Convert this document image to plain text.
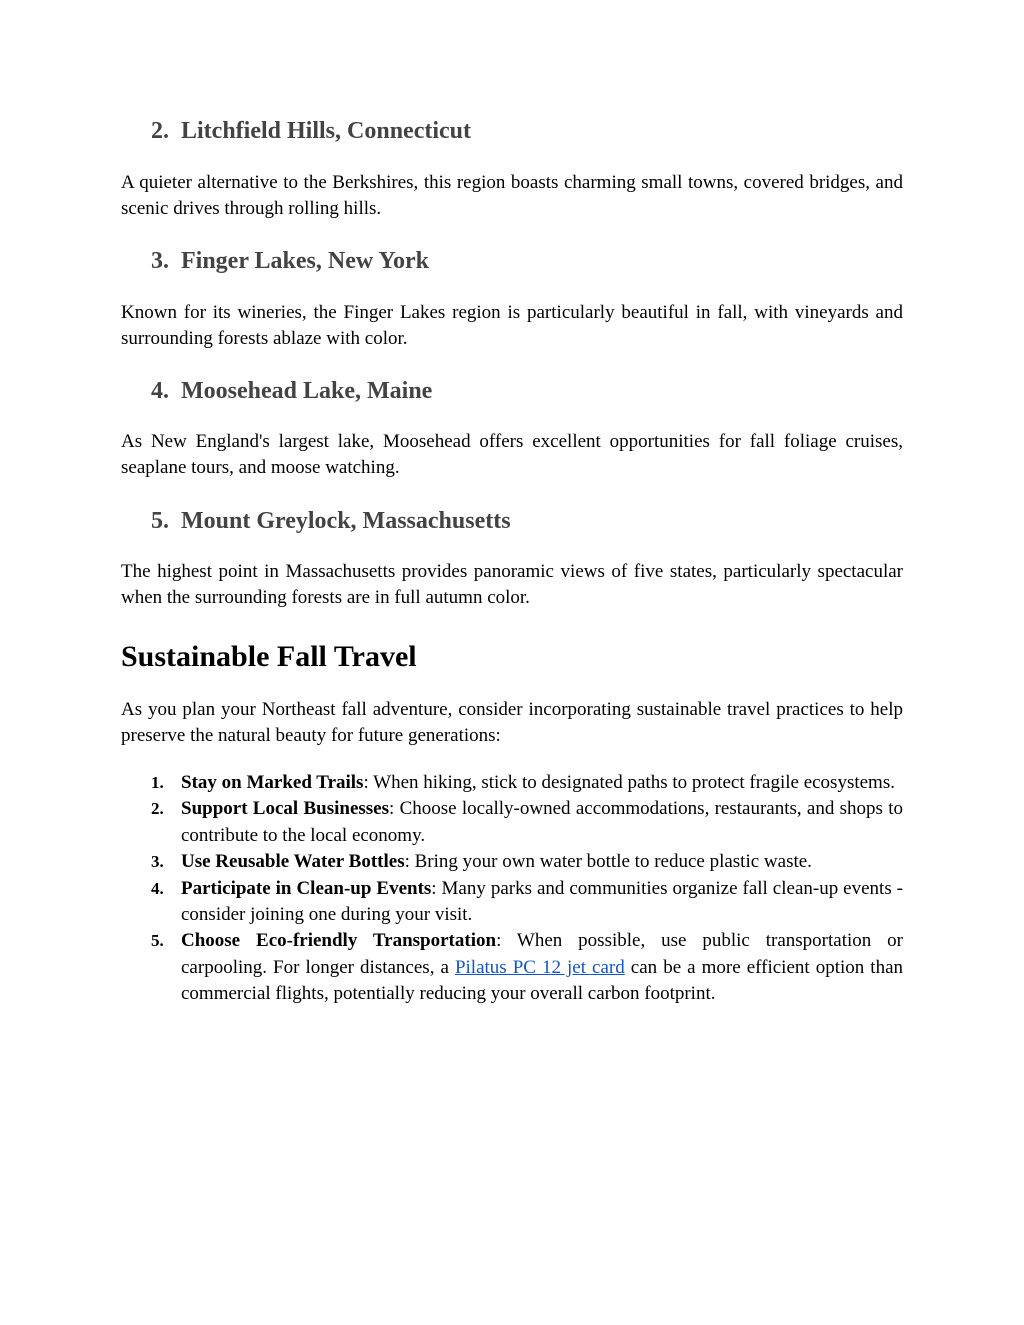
2. Litchfield Hills, Connecticut

A quieter alternative to the Berkshires, this region boasts charming small towns, covered bridges, and scenic drives through rolling hills.

3. Finger Lakes, New York

Known for its wineries, the Finger Lakes region is particularly beautiful in fall, with vineyards and surrounding forests ablaze with color.

4. Moosehead Lake, Maine

As New England's largest lake, Moosehead offers excellent opportunities for fall foliage cruises, seaplane tours, and moose watching.

5. Mount Greylock, Massachusetts

The highest point in Massachusetts provides panoramic views of five states, particularly spectacular when the surrounding forests are in full autumn color.

Sustainable Fall Travel

As you plan your Northeast fall adventure, consider incorporating sustainable travel practices to help preserve the natural beauty for future generations:

1. Stay on Marked Trails: When hiking, stick to designated paths to protect fragile ecosystems.
2. Support Local Businesses: Choose locally-owned accommodations, restaurants, and shops to contribute to the local economy.
3. Use Reusable Water Bottles: Bring your own water bottle to reduce plastic waste.
4. Participate in Clean-up Events: Many parks and communities organize fall clean-up events - consider joining one during your visit.
5. Choose Eco-friendly Transportation: When possible, use public transportation or carpooling. For longer distances, a Pilatus PC 12 jet card can be a more efficient option than commercial flights, potentially reducing your overall carbon footprint.
